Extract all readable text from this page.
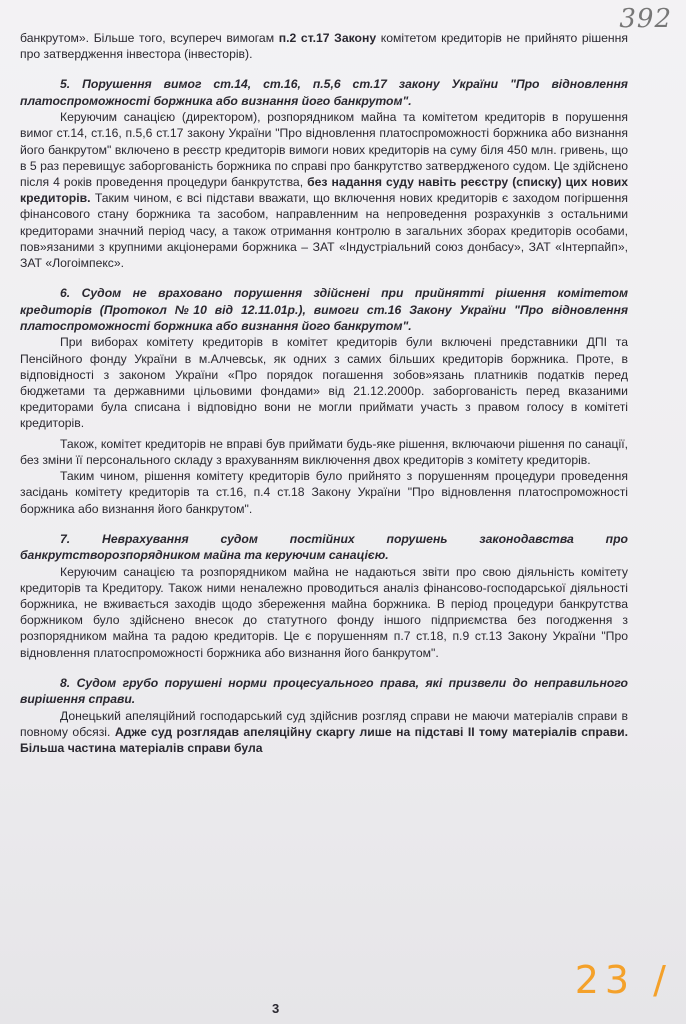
392

банкрутом». Більше того, всупереч вимогам п.2 ст.17 Закону комітетом кредиторів не прийнято рішення про затвердження інвестора (інвесторів).

5. Порушення вимог ст.14, ст.16, п.5,6 ст.17 закону України "Про відновлення платоспроможності боржника або визнання його банкрутом".

Керуючим санацією (директором), розпорядником майна та комітетом кредиторів в порушення вимог ст.14, ст.16, п.5,6 ст.17 закону України "Про відновлення платоспроможності боржника або визнання його банкрутом" включено в реєстр кредиторів вимоги нових кредиторів на суму біля 450 млн. гривень, що в 5 раз перевищує заборгованість боржника по справі про банкрутство затвердженого судом. Це здійснено після 4 років проведення процедури банкрутства, без надання суду навіть реєстру (списку) цих нових кредиторів. Таким чином, є всі підстави вважати, що включення нових кредиторів є заходом погіршення фінансового стану боржника та засобом, направленним на непроведення розрахунків з остальними кредиторами значний період часу, а також отримання контролю в загальних зборах кредиторів особами, пов»язаними з крупними акціонерами боржника – ЗАТ «Індустріальний союз донбасу», ЗАТ «Інтерпайп», ЗАТ «Логоімпекс».

6. Судом не враховано порушення здійснені при прийнятті рішення комітетом кредиторів (Протокол №10 від 12.11.01р.), вимоги ст.16 Закону України "Про відновлення платоспроможності боржника або визнання його банкрутом".

При виборах комітету кредиторів в комітет кредиторів були включені представники ДПІ та Пенсійного фонду України в м.Алчевськ, як одних з самих більших кредиторів боржника. Проте, в відповідності з законом України «Про порядок погашення зобов»язань платників податків перед бюджетами та державними цільовими фондами» від 21.12.2000р. заборгованість перед вказаними кредиторами була списана і відповідно вони не могли приймати участь з правом голосу в комітеті кредиторів.

Також, комітет кредиторів не вправі був приймати будь-яке рішення, включаючи рішення по санації, без зміни її персонального складу з врахуванням виключення двох кредиторів з комітету кредиторів.

Таким чином, рішення комітету кредиторів було прийнято з порушенням процедури проведення засідань комітету кредиторів та ст.16, п.4 ст.18 Закону України "Про відновлення платоспроможності боржника або визнання його банкрутом".

7. Неврахування судом постійних порушень законодавства про банкрутстворозпорядником майна та керуючим санацією.

Керуючим санацією та розпорядником майна не надаються звіти про свою діяльність комітету кредиторів та Кредитору. Також ними неналежно проводиться аналіз фінансово-господарської діяльності боржника, не вживається заходів щодо збереження майна боржника. В період процедури банкрутства боржником було здійснено внесок до статутного фонду іншого підприємства без погодження з розпорядником майна та радою кредиторів. Це є порушенням п.7 ст.18, п.9 ст.13 Закону України "Про відновлення платоспроможності боржника або визнання його банкрутом".

8. Судом грубо порушені норми процесуального права, які призвели до неправильного вирішення справи.

Донецький апеляційний господарський суд здійснив розгляд справи не маючи матеріалів справи в повному обсязі. Адже суд розглядав апеляційну скаргу лише на підставі ІІ тому матеріалів справи. Більша частина матеріалів справи була

3
23 /
